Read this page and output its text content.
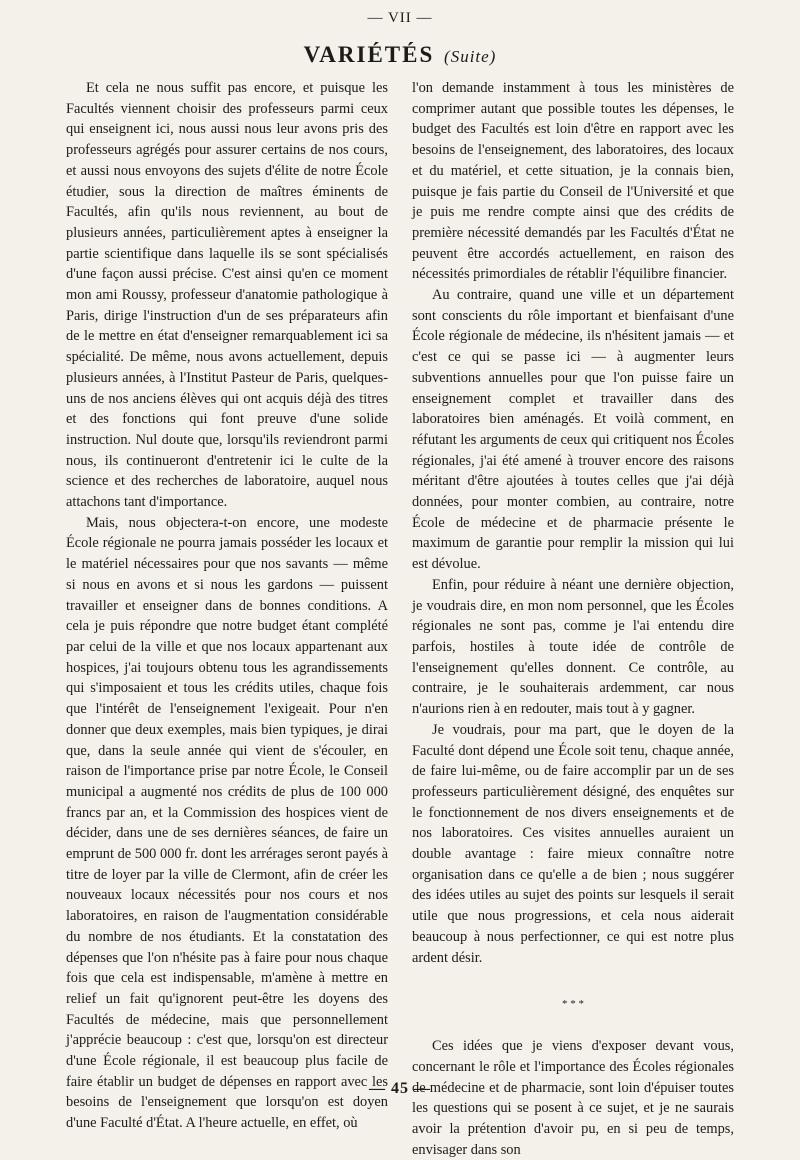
— VII —
VARIÉTÉS (Suite)

Et cela ne nous suffit pas encore, et puisque les Facultés viennent choisir des professeurs parmi ceux qui enseignent ici, nous aussi nous leur avons pris des professeurs agrégés pour assurer certains de nos cours, et aussi nous envoyons des sujets d'élite de notre École étudier, sous la direction de maîtres éminents de Facultés, afin qu'ils nous reviennent, au bout de plusieurs années, particulièrement aptes à enseigner la partie scientifique dans laquelle ils se sont spécialisés d'une façon aussi précise. C'est ainsi qu'en ce moment mon ami Roussy, professeur d'anatomie pathologique à Paris, dirige l'instruction d'un de ses préparateurs afin de le mettre en état d'enseigner remarquablement ici sa spécialité. De même, nous avons actuellement, depuis plusieurs années, à l'Institut Pasteur de Paris, quelques-uns de nos anciens élèves qui ont acquis déjà des titres et des fonctions qui font preuve d'une solide instruction. Nul doute que, lorsqu'ils reviendront parmi nous, ils continueront d'entretenir ici le culte de la science et des recherches de laboratoire, auquel nous attachons tant d'importance.

Mais, nous objectera-t-on encore, une modeste École régionale ne pourra jamais posséder les locaux et le matériel nécessaires pour que nos savants — même si nous en avons et si nous les gardons — puissent travailler et enseigner dans de bonnes conditions. A cela je puis répondre que notre budget étant complété par celui de la ville et que nos locaux appartenant aux hospices, j'ai toujours obtenu tous les agrandissements qui s'imposaient et tous les crédits utiles, chaque fois que l'intérêt de l'enseignement l'exigeait. Pour n'en donner que deux exemples, mais bien typiques, je dirai que, dans la seule année qui vient de s'écouler, en raison de l'importance prise par notre École, le Conseil municipal a augmenté nos crédits de plus de 100 000 francs par an, et la Commission des hospices vient de décider, dans une de ses dernières séances, de faire un emprunt de 500 000 fr. dont les arrérages seront payés à titre de loyer par la ville de Clermont, afin de créer les nouveaux locaux nécessités pour nos cours et nos laboratoires, en raison de l'augmentation considérable du nombre de nos étudiants. Et la constatation des dépenses que l'on n'hésite pas à faire pour nous chaque fois que cela est indispensable, m'amène à mettre en relief un fait qu'ignorent peut-être les doyens des Facultés de médecine, mais que personnellement j'apprécie beaucoup : c'est que, lorsqu'on est directeur d'une École régionale, il est beaucoup plus facile de faire établir un budget de dépenses en rapport avec les besoins de l'enseignement que lorsqu'on est doyen d'une Faculté d'État. A l'heure actuelle, en effet, où

l'on demande instamment à tous les ministères de comprimer autant que possible toutes les dépenses, le budget des Facultés est loin d'être en rapport avec les besoins de l'enseignement, des laboratoires, des locaux et du matériel, et cette situation, je la connais bien, puisque je fais partie du Conseil de l'Université et que je puis me rendre compte ainsi que des crédits de première nécessité demandés par les Facultés d'État ne peuvent être accordés actuellement, en raison des nécessités primordiales de rétablir l'équilibre financier.

Au contraire, quand une ville et un département sont conscients du rôle important et bienfaisant d'une École régionale de médecine, ils n'hésitent jamais — et c'est ce qui se passe ici — à augmenter leurs subventions annuelles pour que l'on puisse faire un enseignement complet et travailler dans des laboratoires bien aménagés. Et voilà comment, en réfutant les arguments de ceux qui critiquent nos Écoles régionales, j'ai été amené à trouver encore des raisons méritant d'être ajoutées à toutes celles que j'ai déjà données, pour monter combien, au contraire, notre École de médecine et de pharmacie présente le maximum de garantie pour remplir la mission qui lui est dévolue.

Enfin, pour réduire à néant une dernière objection, je voudrais dire, en mon nom personnel, que les Écoles régionales ne sont pas, comme je l'ai entendu dire parfois, hostiles à toute idée de contrôle de l'enseignement qu'elles donnent. Ce contrôle, au contraire, je le souhaiterais ardemment, car nous n'aurions rien à en redouter, mais tout à y gagner.

Je voudrais, pour ma part, que le doyen de la Faculté dont dépend une École soit tenu, chaque année, de faire lui-même, ou de faire accomplir par un de ses professeurs particulièrement désigné, des enquêtes sur le fonctionnement de nos divers enseignements et de nos laboratoires. Ces visites annuelles auraient un double avantage : faire mieux connaître notre organisation dans ce qu'elle a de bien ; nous suggérer des idées utiles au sujet des points sur lesquels il serait utile que nous progressions, et cela nous aiderait beaucoup à nous perfectionner, ce qui est notre plus ardent désir.

* * *

Ces idées que je viens d'exposer devant vous, concernant le rôle et l'importance des Écoles régionales de médecine et de pharmacie, sont loin d'épuiser toutes les questions qui se posent à ce sujet, et je ne saurais avoir la prétention d'avoir pu, en si peu de temps, envisager dans son

— 45 —
